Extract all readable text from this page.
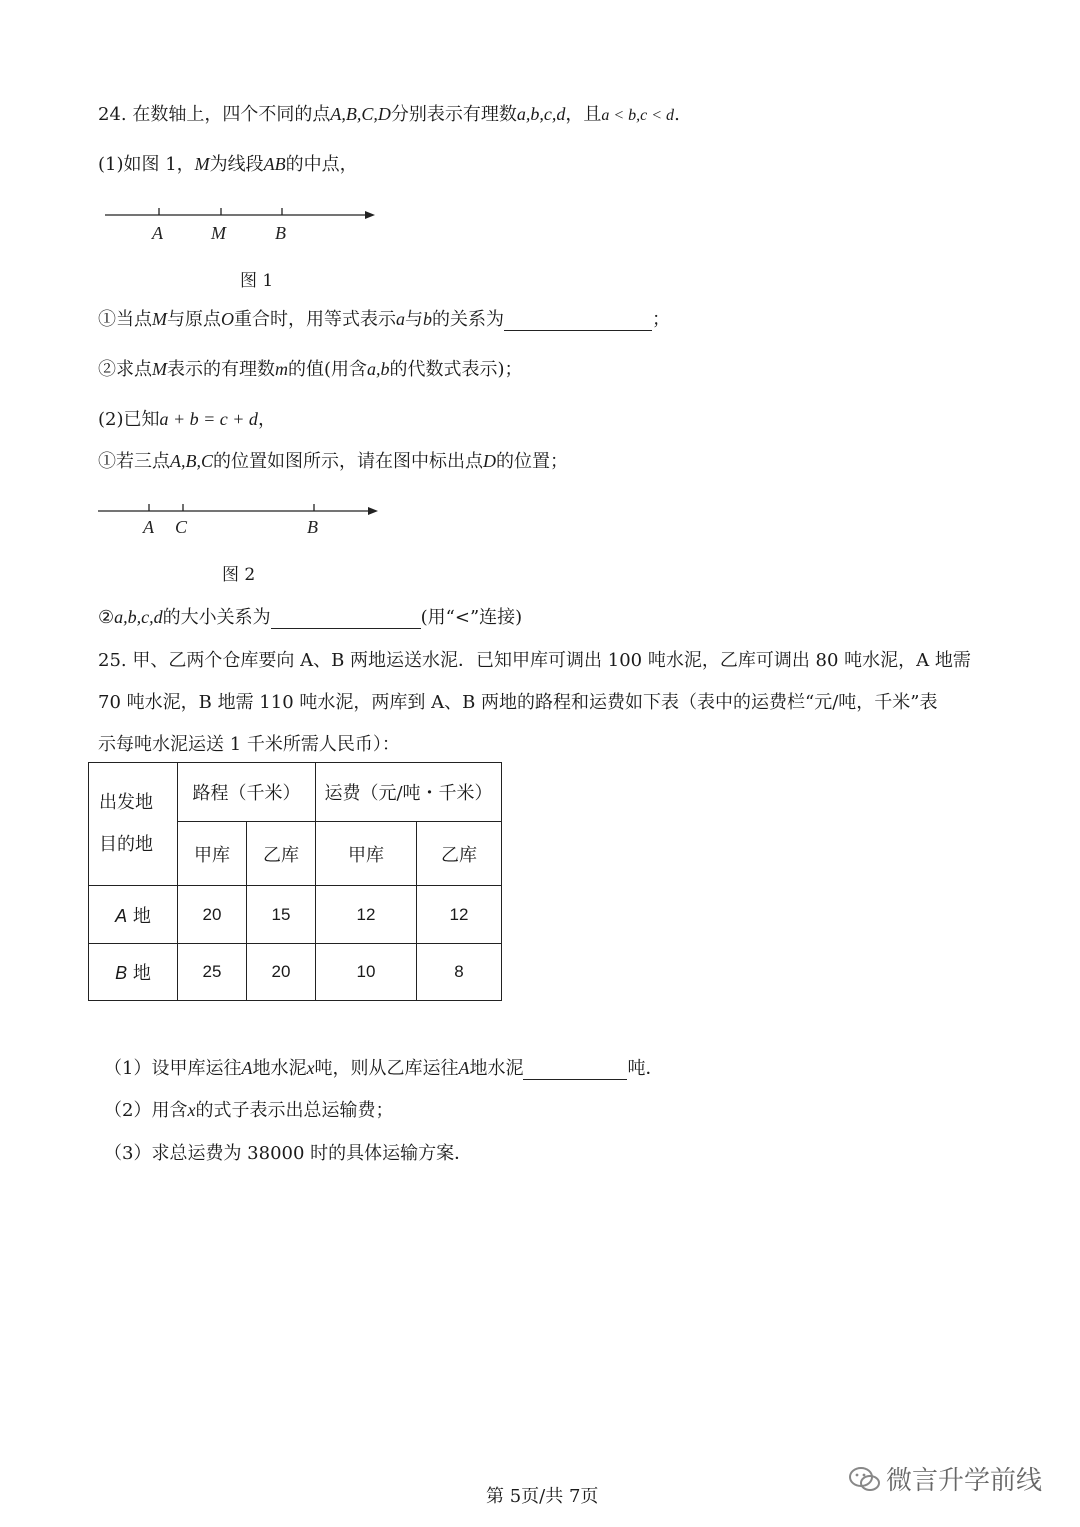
24. 在数轴上，四个不同的点A,B,C,D分别表示有理数a,b,c,d，且a < b,c < d.
(1)如图 1，M为线段AB的中点，
A	M	B
图 1
①当点M与原点O重合时，用等式表示a与b的关系为	；
②求点M表示的有理数m的值(用含a,b的代数式表示)；
(2)已知a + b = c + d，
①若三点A,B,C的位置如图所示，请在图中标出点D的位置；
A C	B
图 2
②a,b,c,d的大小关系为	(用“<”连接)
25. 甲、乙两个仓库要向 A、B 两地运送水泥．已知甲库可调出 100 吨水泥，乙库可调出 80 吨水泥，A 地需
70 吨水泥，B 地需 110 吨水泥，两库到 A、B 两地的路程和运费如下表（表中的运费栏“元/吨，千米”表
示每吨水泥运送 1 千米所需人民币）：
出发地
目的地	路程（千米）		运费（元/吨・千米）	
	甲库	乙库	甲库	乙库
A 地	20	15	12	12
B 地	25	20	10	8
（1）设甲库运往A地水泥x吨，则从乙库运往A地水泥	吨．
（2）用含x的式子表示出总运输费；
（3）求总运费为 38000 时的具体运输方案．
第 5页/共 7页
微言升学前线
